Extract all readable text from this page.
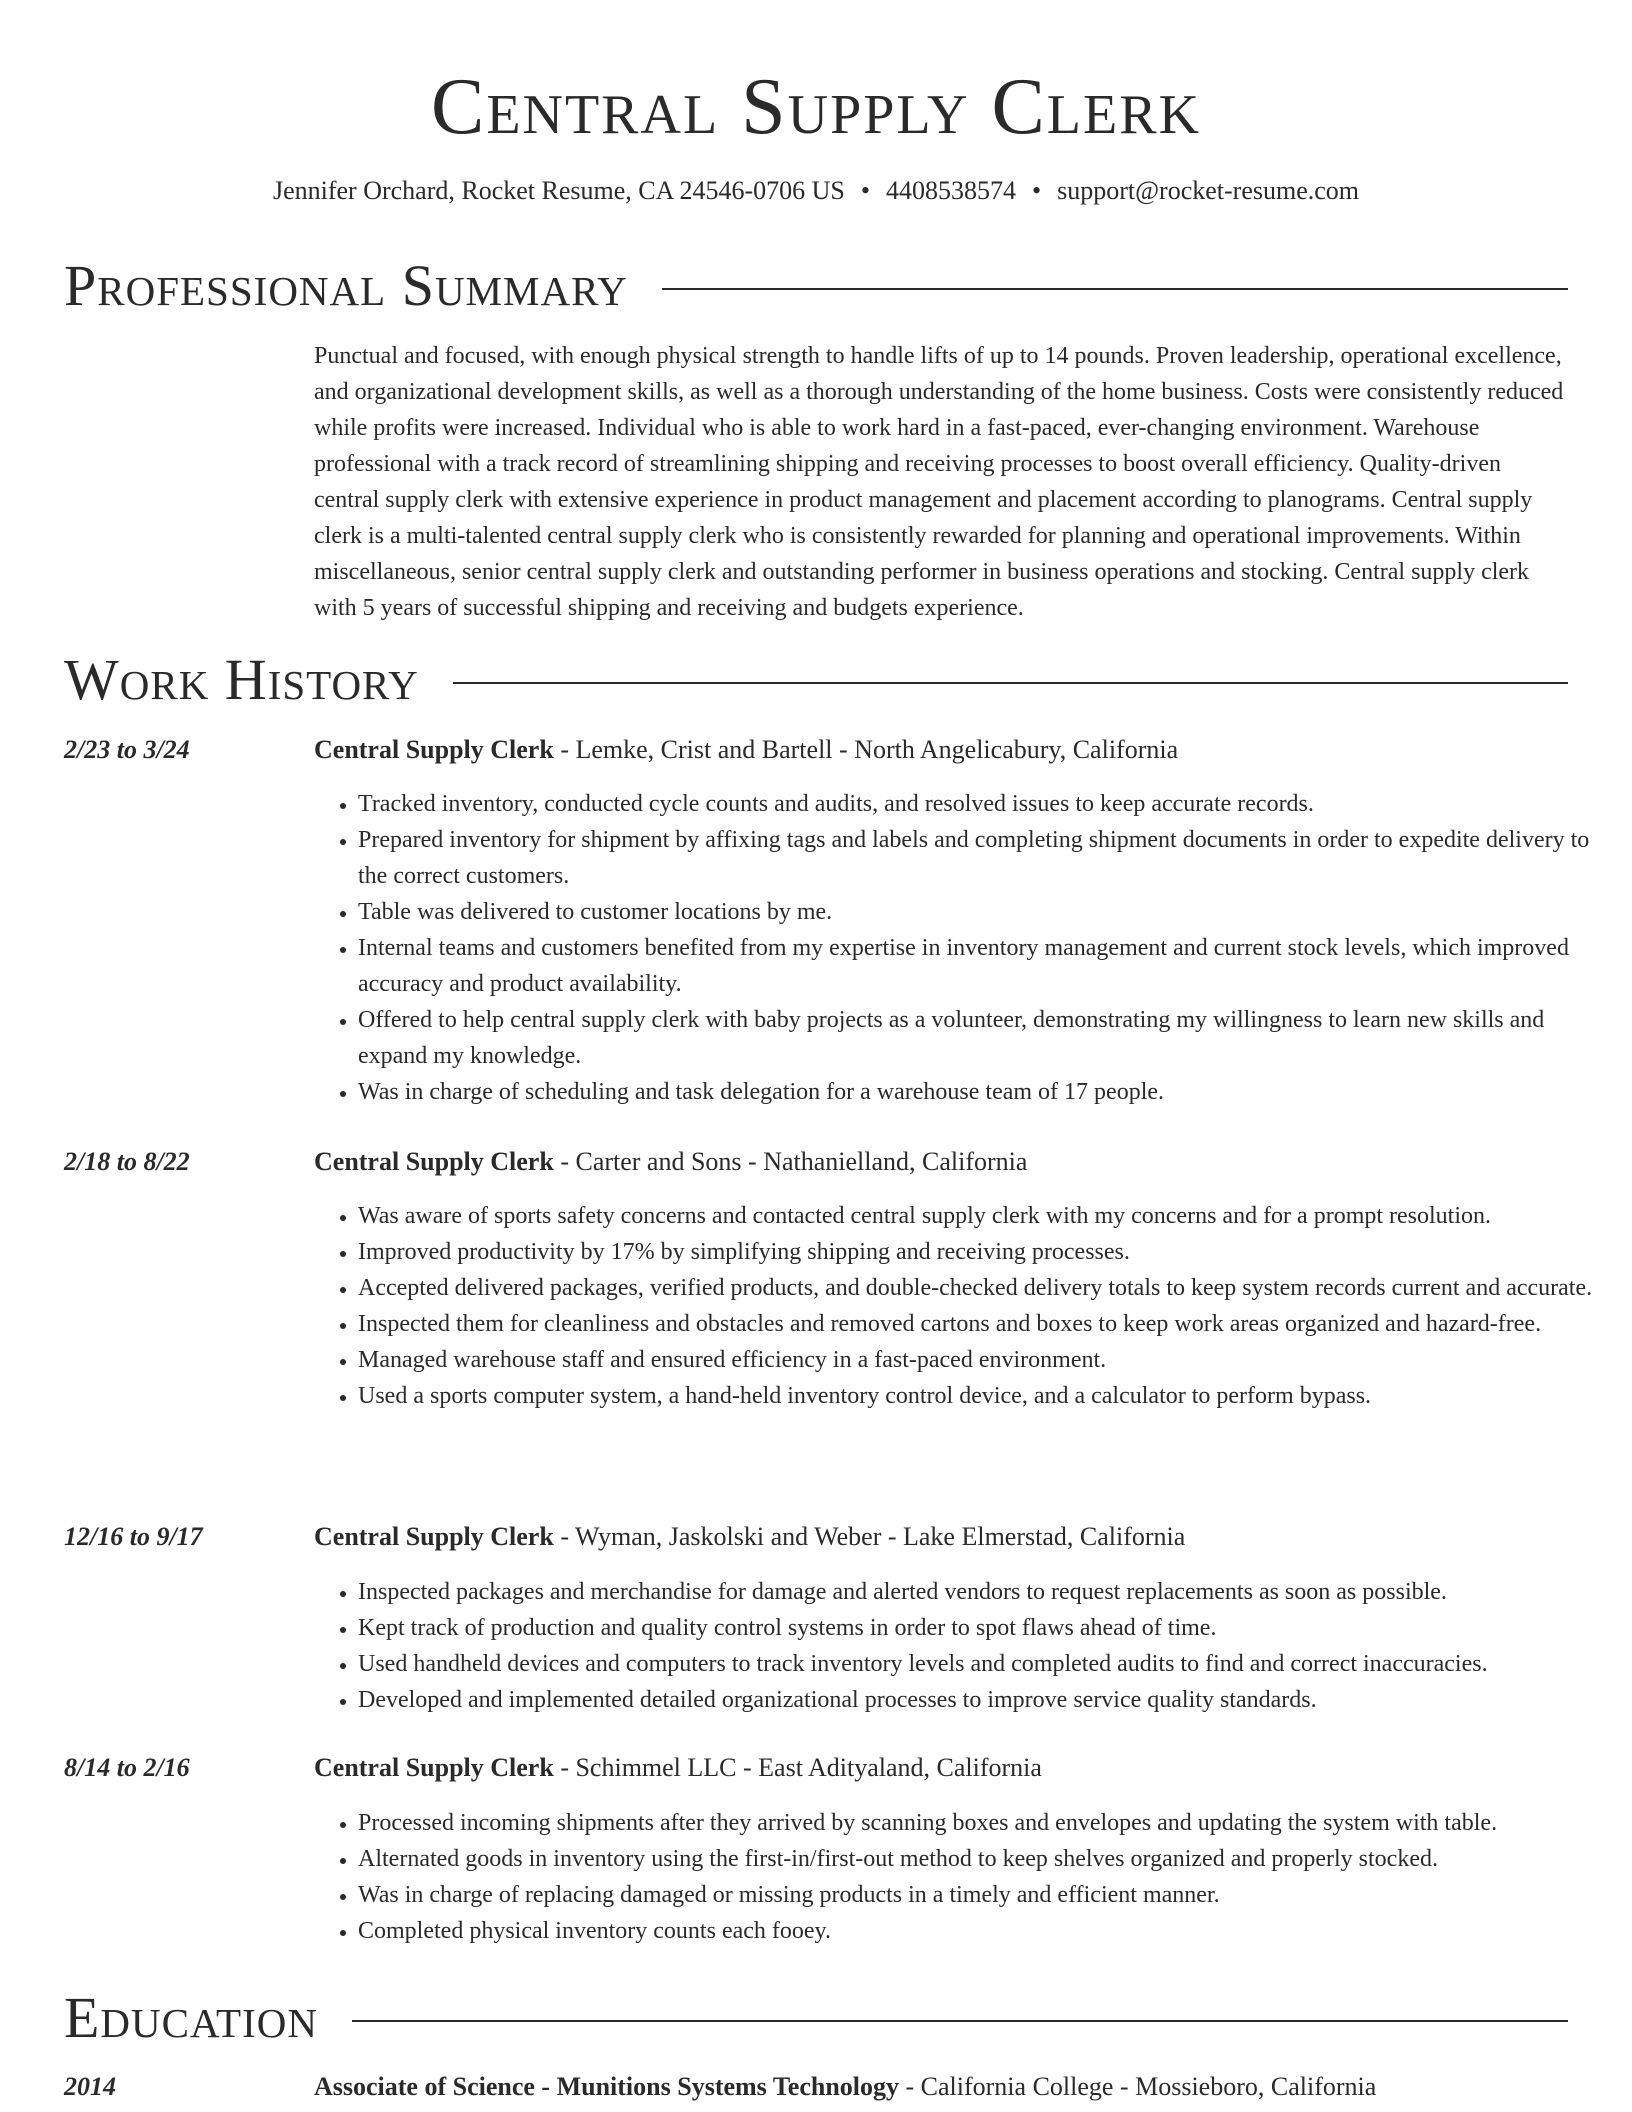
Central Supply Clerk
Jennifer Orchard, Rocket Resume, CA 24546-0706 US • 4408538574 • support@rocket-resume.com
Professional Summary

Punctual and focused, with enough physical strength to handle lifts of up to 14 pounds. Proven leadership, operational excellence, and organizational development skills, as well as a thorough understanding of the home business. Costs were consistently reduced while profits were increased. Individual who is able to work hard in a fast-paced, ever-changing environment. Warehouse professional with a track record of streamlining shipping and receiving processes to boost overall efficiency. Quality-driven central supply clerk with extensive experience in product management and placement according to planograms. Central supply clerk is a multi-talented central supply clerk who is consistently rewarded for planning and operational improvements. Within miscellaneous, senior central supply clerk and outstanding performer in business operations and stocking. Central supply clerk with 5 years of successful shipping and receiving and budgets experience.

Work History
2/23 to 3/24	Central Supply Clerk - Lemke, Crist and Bartell - North Angelicabury, California
• Tracked inventory, conducted cycle counts and audits, and resolved issues to keep accurate records.
• Prepared inventory for shipment by affixing tags and labels and completing shipment documents in order to expedite delivery to the correct customers.
• Table was delivered to customer locations by me.
• Internal teams and customers benefited from my expertise in inventory management and current stock levels, which improved accuracy and product availability.
• Offered to help central supply clerk with baby projects as a volunteer, demonstrating my willingness to learn new skills and expand my knowledge.
• Was in charge of scheduling and task delegation for a warehouse team of 17 people.
2/18 to 8/22	Central Supply Clerk - Carter and Sons - Nathanielland, California
• Was aware of sports safety concerns and contacted central supply clerk with my concerns and for a prompt resolution.
• Improved productivity by 17% by simplifying shipping and receiving processes.
• Accepted delivered packages, verified products, and double-checked delivery totals to keep system records current and accurate.
• Inspected them for cleanliness and obstacles and removed cartons and boxes to keep work areas organized and hazard-free.
• Managed warehouse staff and ensured efficiency in a fast-paced environment.
• Used a sports computer system, a hand-held inventory control device, and a calculator to perform bypass.
12/16 to 9/17	Central Supply Clerk - Wyman, Jaskolski and Weber - Lake Elmerstad, California
• Inspected packages and merchandise for damage and alerted vendors to request replacements as soon as possible.
• Kept track of production and quality control systems in order to spot flaws ahead of time.
• Used handheld devices and computers to track inventory levels and completed audits to find and correct inaccuracies.
• Developed and implemented detailed organizational processes to improve service quality standards.
8/14 to 2/16	Central Supply Clerk - Schimmel LLC - East Adityaland, California
• Processed incoming shipments after they arrived by scanning boxes and envelopes and updating the system with table.
• Alternated goods in inventory using the first-in/first-out method to keep shelves organized and properly stocked.
• Was in charge of replacing damaged or missing products in a timely and efficient manner.
• Completed physical inventory counts each fooey.
Education
2014	Associate of Science - Munitions Systems Technology - California College - Mossieboro, California
